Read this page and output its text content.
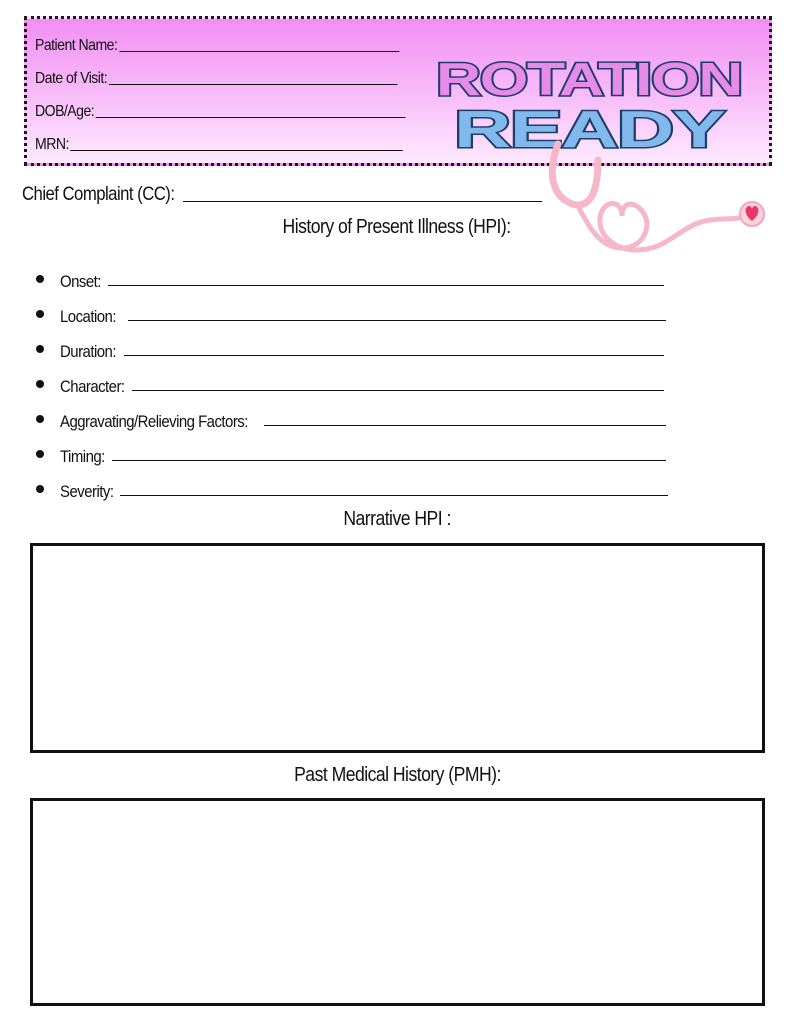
Patient Name:
Date of Visit:
DOB/Age:
MRN:
ROTATION
READY
Chief Complaint (CC):
History of Present Illness (HPI):
Onset:
Location:
Duration:
Character:
Aggravating/Relieving Factors:
Timing:
Severity:
Narrative HPI :
Past Medical History (PMH):
